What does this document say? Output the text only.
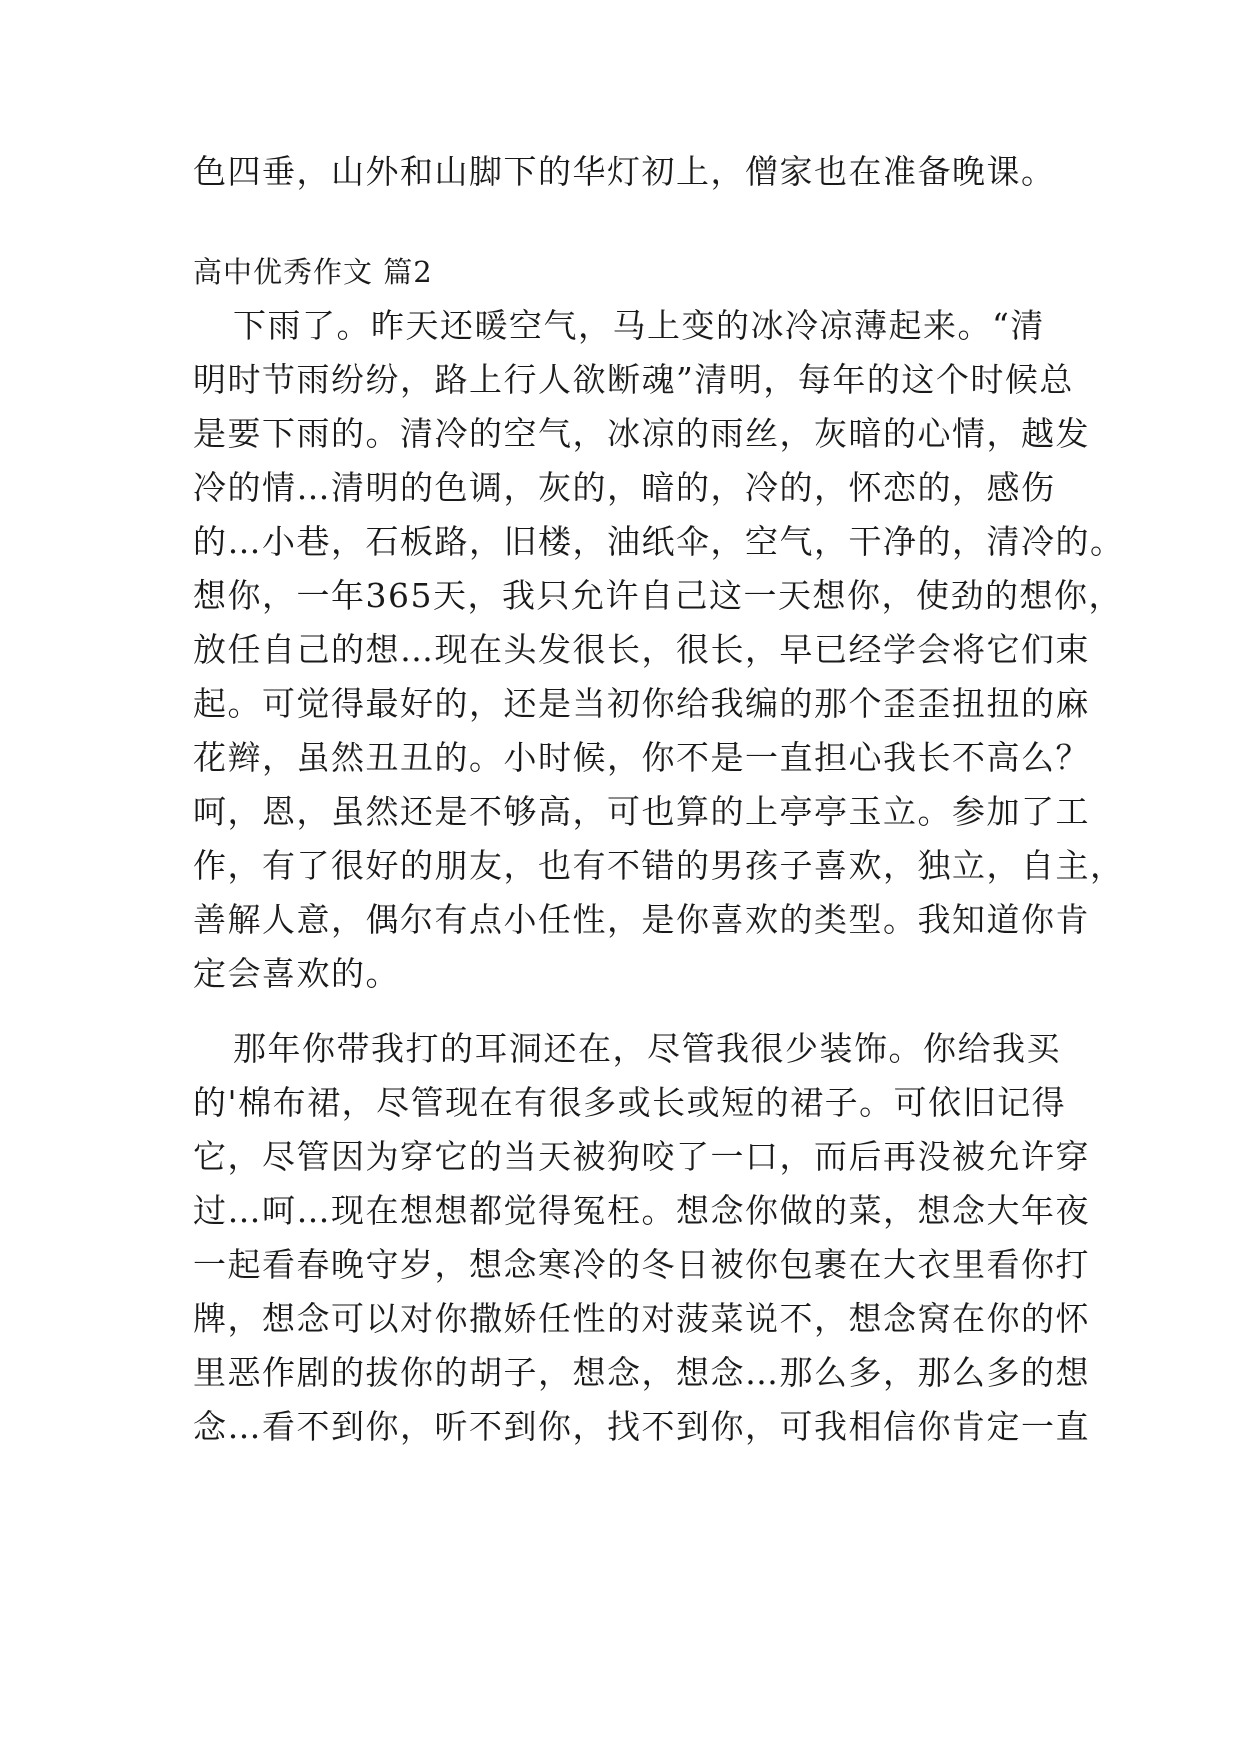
色四垂，山外和山脚下的华灯初上，僧家也在准备晚课。
高中优秀作文 篇2
下雨了。昨天还暖空气，马上变的冰冷凉薄起来。“清
明时节雨纷纷，路上行人欲断魂”清明，每年的这个时候总
是要下雨的。清冷的空气，冰凉的雨丝，灰暗的心情，越发
冷的情…清明的色调，灰的，暗的，冷的，怀恋的，感伤
的…小巷，石板路，旧楼，油纸伞，空气，干净的，清冷的。
想你，一年365天，我只允许自己这一天想你，使劲的想你，
放任自己的想…现在头发很长，很长，早已经学会将它们束
起。可觉得最好的，还是当初你给我编的那个歪歪扭扭的麻
花辫，虽然丑丑的。小时候，你不是一直担心我长不高么？
呵，恩，虽然还是不够高，可也算的上亭亭玉立。参加了工
作，有了很好的朋友，也有不错的男孩子喜欢，独立，自主，
善解人意，偶尔有点小任性，是你喜欢的类型。我知道你肯
定会喜欢的。
那年你带我打的耳洞还在，尽管我很少装饰。你给我买
的'棉布裙，尽管现在有很多或长或短的裙子。可依旧记得
它，尽管因为穿它的当天被狗咬了一口，而后再没被允许穿
过…呵…现在想想都觉得冤枉。想念你做的菜，想念大年夜
一起看春晚守岁，想念寒冷的冬日被你包裹在大衣里看你打
牌，想念可以对你撒娇任性的对菠菜说不，想念窝在你的怀
里恶作剧的拔你的胡子，想念，想念…那么多，那么多的想
念…看不到你，听不到你，找不到你，可我相信你肯定一直
